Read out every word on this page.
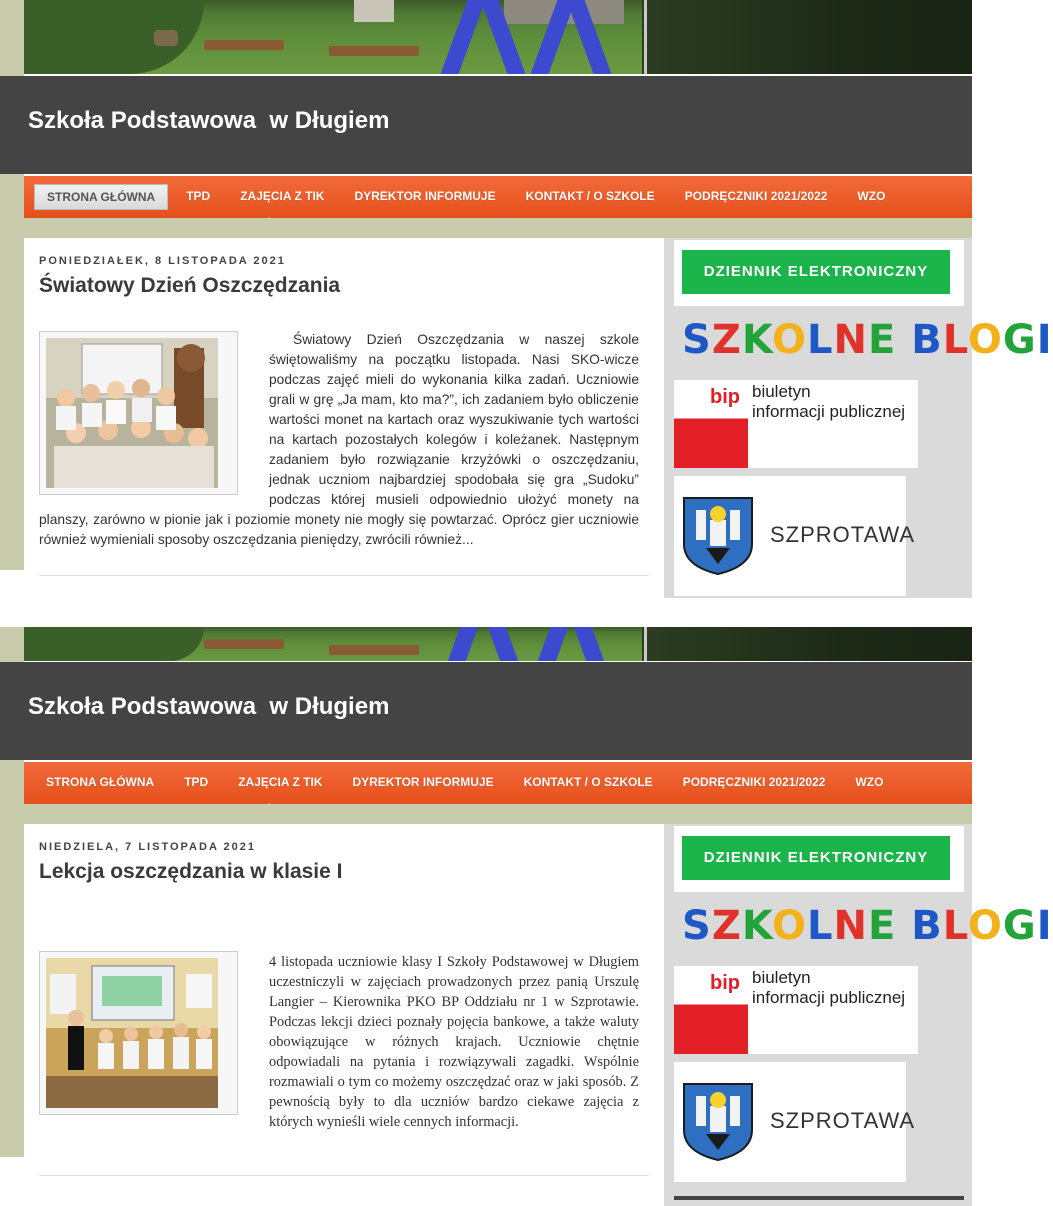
Szkoła Podstawowa  w Długiem
STRONA GŁÓWNA	TPD	ZAJĘCIA Z TIK	DYREKTOR INFORMUJE	KONTAKT / O SZKOLE	PODRĘCZNIKI 2021/2022	WZO
PONIEDZIAŁEK, 8 LISTOPADA 2021
Światowy Dzień Oszczędzania
Światowy Dzień Oszczędzania w naszej szkole świętowaliśmy na początku listopada. Nasi SKO-wicze podczas zajęć mieli do wykonania kilka zadań. Uczniowie grali w grę „Ja mam, kto ma?”, ich zadaniem było obliczenie wartości monet na kartach oraz wyszukiwanie tych wartości na kartach pozostałych kolegów i koleżanek. Następnym zadaniem było rozwiązanie krzyżówki o oszczędzaniu, jednak uczniom najbardziej spodobała się gra „Sudoku” podczas której musieli odpowiednio ułożyć monety na planszy, zarówno w pionie jak i poziomie monety nie mogły się powtarzać. Oprócz gier uczniowie również wymieniali sposoby oszczędzania pieniędzy, zwrócili również...
DZIENNIK ELEKTRONICZNY
SZKOLNE BLOGI
bip biuletyn
informacji publicznej
SZPROTAWA
Szkoła Podstawowa  w Długiem
STRONA GŁÓWNA	TPD	ZAJĘCIA Z TIK	DYREKTOR INFORMUJE	KONTAKT / O SZKOLE	PODRĘCZNIKI 2021/2022	WZO
NIEDZIELA, 7 LISTOPADA 2021
Lekcja oszczędzania w klasie I
4 listopada uczniowie klasy I Szkoły Podstawowej w Długiem uczestniczyli w zajęciach prowadzonych przez panią Urszulę Langier – Kierownika PKO BP Oddziału nr 1 w Szprotawie. Podczas lekcji dzieci poznały pojęcia bankowe, a także waluty obowiązujące w różnych krajach. Uczniowie chętnie odpowiadali na pytania i rozwiązywali zagadki. Wspólnie rozmawiali o tym co możemy oszczędzać oraz w jaki sposób. Z pewnością były to dla uczniów bardzo ciekawe zajęcia z których wynieśli wiele cennych informacji.
DZIENNIK ELEKTRONICZNY
SZKOLNE BLOGI
bip biuletyn
informacji publicznej
SZPROTAWA
